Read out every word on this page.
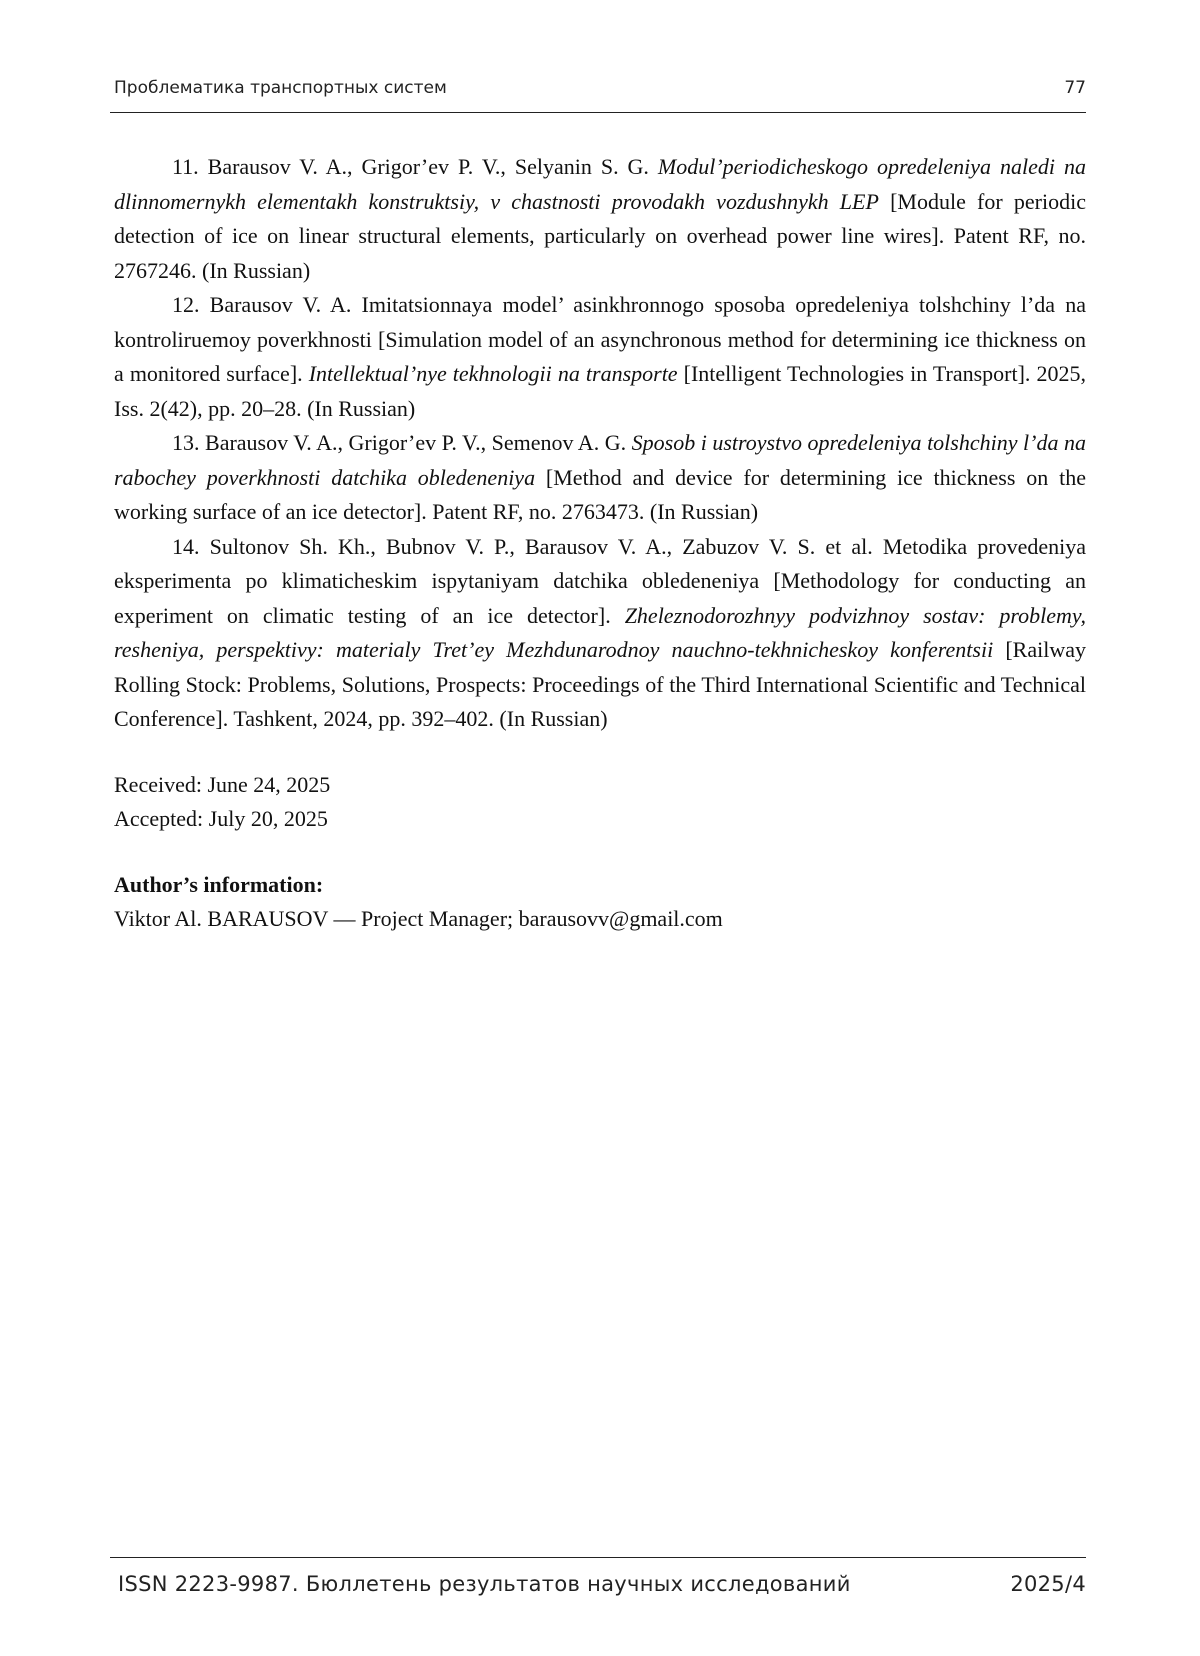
Проблематика транспортных систем	77

11. Barausov V. A., Grigor’ev P. V., Selyanin S. G. Modul’periodicheskogo opredeleniya naledi na dlinnomernykh elementakh konstruktsiy, v chastnosti provodakh vozdushnykh LEP [Module for periodic detection of ice on linear structural elements, particularly on overhead power line wires]. Patent RF, no. 2767246. (In Russian)

12. Barausov V. A. Imitatsionnaya model’ asinkhronnogo sposoba opredeleniya tolshchiny l’da na kontroliruemoy poverkhnosti [Simulation model of an asynchronous method for determining ice thickness on a monitored surface]. Intellektual’nye tekhnologii na transporte [Intelligent Technologies in Transport]. 2025, Iss. 2(42), pp. 20–28. (In Russian)

13. Barausov V. A., Grigor’ev P. V., Semenov A. G. Sposob i ustroystvo opredeleniya tolshchiny l’da na rabochey poverkhnosti datchika obledeneniya [Method and device for determining ice thickness on the working surface of an ice detector]. Patent RF, no. 2763473. (In Russian)

14. Sultonov Sh. Kh., Bubnov V. P., Barausov V. A., Zabuzov V. S. et al. Metodika provedeniya eksperimenta po klimaticheskim ispytaniyam datchika obledeneniya [Methodology for conducting an experiment on climatic testing of an ice detector]. Zheleznodorozhnyy podvizhnoy sostav: problemy, resheniya, perspektivy: materialy Tret’ey Mezhdunarodnoy nauchno-tekhnicheskoy konferentsii [Railway Rolling Stock: Problems, Solutions, Prospects: Proceedings of the Third International Scientific and Technical Conference]. Tashkent, 2024, pp. 392–402. (In Russian)

Received: June 24, 2025
Accepted: July 20, 2025
Author’s information:
Viktor Al. BARAUSOV — Project Manager; barausovv@gmail.com
ISSN 2223-9987. Бюллетень результатов научных исследований	2025/4
